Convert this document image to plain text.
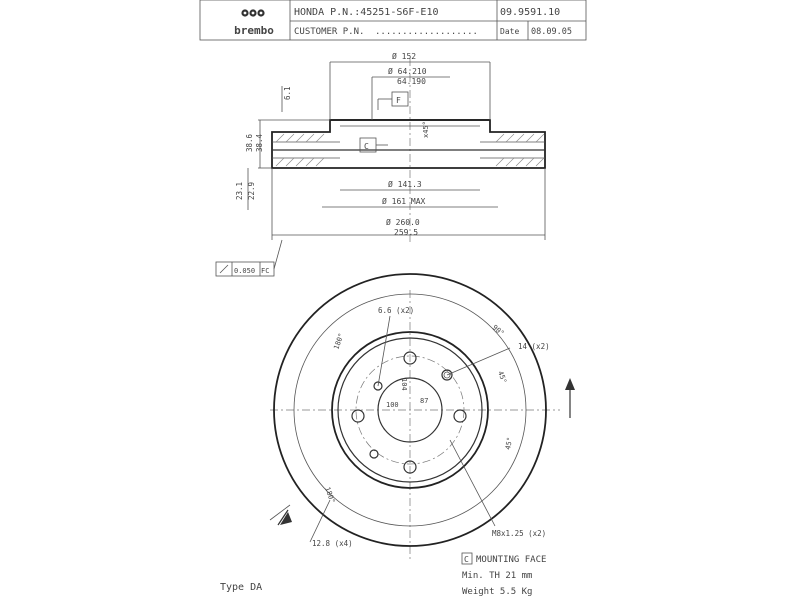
brembo
HONDA P.N.:45251-S6F-E10	09.9591.10
CUSTOMER P.N. ...................	Date 08.09.05
Ø 152
Ø 64.210
64.190
F
C
x45°
Ø 141.3
Ø 161 MAX
Ø 260.0
259.5
38.6 38.4
23.1 22.9
6.1
0.050 FC
6.6 (x2)
14 (x2)
90°
180°
45°
45°
180°
100	87
104
M8x1.25 (x2)
12.8 (x4)
C MOUNTING FACE
Min. TH 21 mm
Weight 5.5 Kg
Type DA
